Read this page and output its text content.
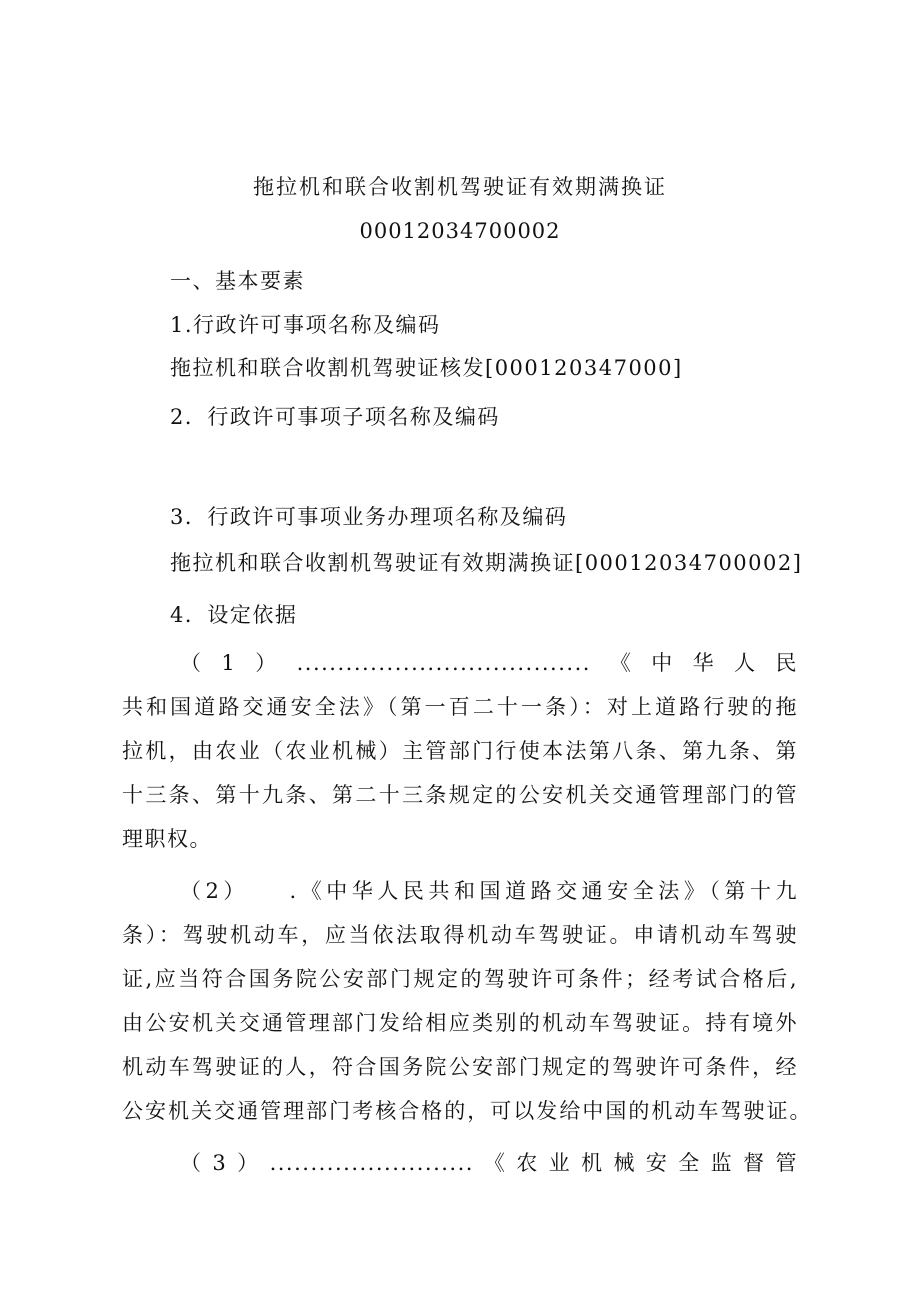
拖拉机和联合收割机驾驶证有效期满换证
00012034700002
一、基本要素
1.行政许可事项名称及编码
拖拉机和联合收割机驾驶证核发[000120347000]
2．行政许可事项子项名称及编码
3．行政许可事项业务办理项名称及编码
拖拉机和联合收割机驾驶证有效期满换证[00012034700002]
4．设定依据
（1）....................................《中华人民
共和国道路交通安全法》（第一百二十一条）：对上道路行驶的拖
拉机，由农业（农业机械）主管部门行使本法第八条、第九条、第
十三条、第十九条、第二十三条规定的公安机关交通管理部门的管
理职权。
（2）　　.《中华人民共和国道路交通安全法》（第十九
条）：驾驶机动车，应当依法取得机动车驾驶证。申请机动车驾驶
证,应当符合国务院公安部门规定的驾驶许可条件；经考试合格后,
由公安机关交通管理部门发给相应类别的机动车驾驶证。持有境外
机动车驾驶证的人，符合国务院公安部门规定的驾驶许可条件，经
公安机关交通管理部门考核合格的，可以发给中国的机动车驾驶证。
（3）.........................《农业机械安全监督管
